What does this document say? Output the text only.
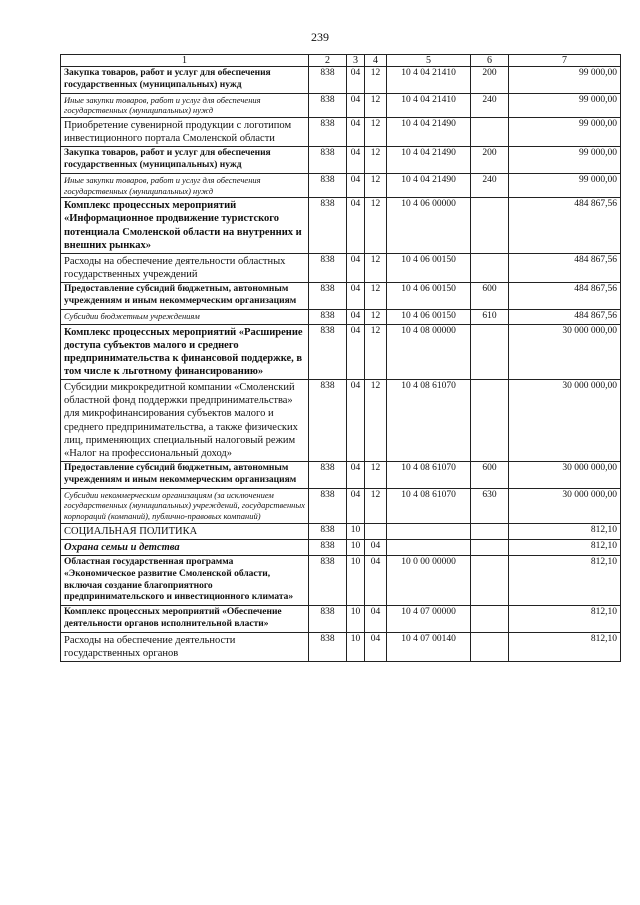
239
1	2	3	4	5	6	7
Закупка товаров, работ и услуг для обеспечения государственных (муниципальных) нужд	838	04	12	10 4 04 21410	200	99 000,00
Иные закупки товаров, работ и услуг для обеспечения государственных (муниципальных) нужд	838	04	12	10 4 04 21410	240	99 000,00
Приобретение сувенирной продукции с логотипом инвестиционного портала Смоленской области	838	04	12	10 4 04 21490		99 000,00
Закупка товаров, работ и услуг для обеспечения государственных (муниципальных) нужд	838	04	12	10 4 04 21490	200	99 000,00
Иные закупки товаров, работ и услуг для обеспечения государственных (муниципальных) нужд	838	04	12	10 4 04 21490	240	99 000,00
Комплекс процессных мероприятий «Информационное продвижение туристского потенциала Смоленской области на внутренних и внешних рынках»	838	04	12	10 4 06 00000		484 867,56
Расходы на обеспечение деятельности областных государственных учреждений	838	04	12	10 4 06 00150		484 867,56
Предоставление субсидий бюджетным, автономным учреждениям и иным некоммерческим организациям	838	04	12	10 4 06 00150	600	484 867,56
Субсидии бюджетным учреждениям	838	04	12	10 4 06 00150	610	484 867,56
Комплекс процессных мероприятий «Расширение доступа субъектов малого и среднего предпринимательства к финансовой поддержке, в том числе к льготному финансированию»	838	04	12	10 4 08 00000		30 000 000,00
Субсидии микрокредитной компании «Смоленский областной фонд поддержки предпринимательства» для микрофинансирования субъектов малого и среднего предпринимательства, а также физических лиц, применяющих специальный налоговый режим «Налог на профессиональный доход»	838	04	12	10 4 08 61070		30 000 000,00
Предоставление субсидий бюджетным, автономным учреждениям и иным некоммерческим организациям	838	04	12	10 4 08 61070	600	30 000 000,00
Субсидии некоммерческим организациям (за исключением государственных (муниципальных) учреждений, государственных корпораций (компаний), публично-правовых компаний)	838	04	12	10 4 08 61070	630	30 000 000,00
СОЦИАЛЬНАЯ ПОЛИТИКА	838	10				812,10
Охрана семьи и детства	838	10	04			812,10
Областная государственная программа «Экономическое развитие Смоленской области, включая создание благоприятного предпринимательского и инвестиционного климата»	838	10	04	10 0 00 00000		812,10
Комплекс процессных мероприятий «Обеспечение деятельности органов исполнительной власти»	838	10	04	10 4 07 00000		812,10
Расходы на обеспечение деятельности государственных органов	838	10	04	10 4 07 00140		812,10
